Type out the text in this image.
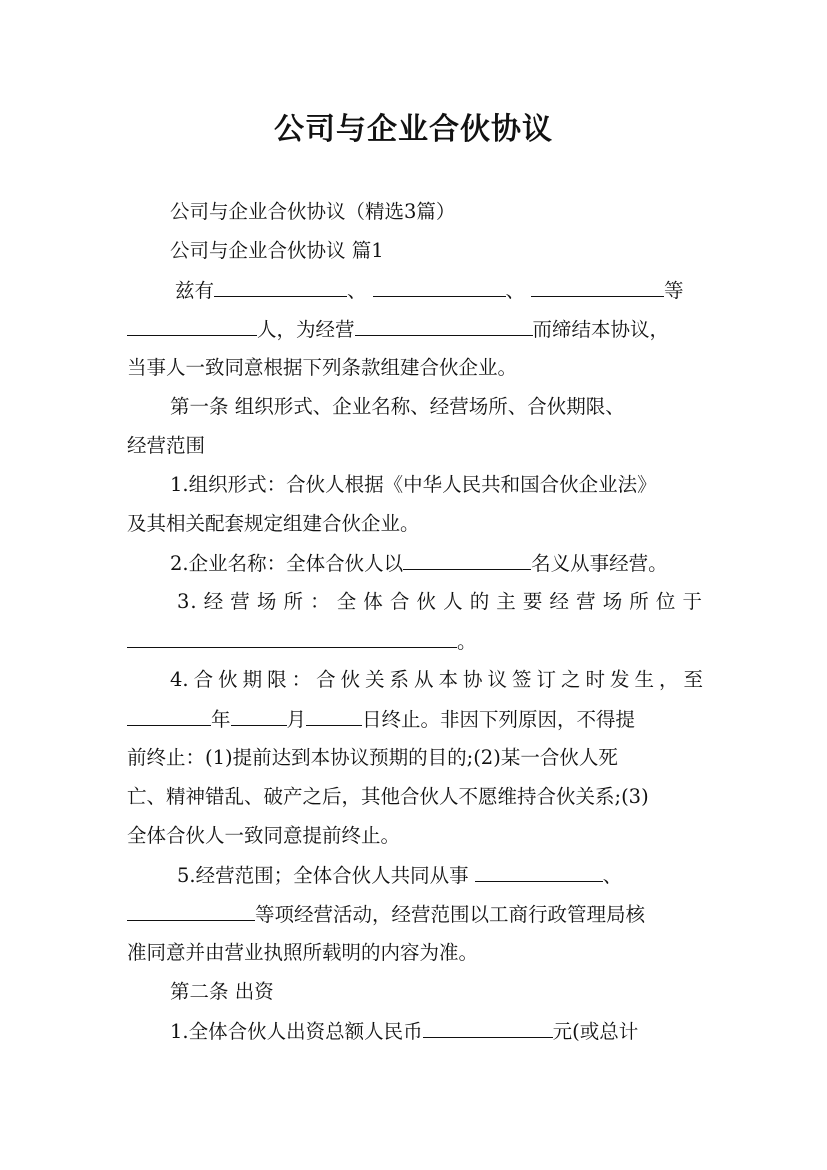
公司与企业合伙协议
公司与企业合伙协议（精选3篇）
公司与企业合伙协议 篇1
兹有	、	、	等
人，为经营	而缔结本协议，
当事人一致同意根据下列条款组建合伙企业。
第一条 组织形式、企业名称、经营场所、合伙期限、
经营范围
1.组织形式：合伙人根据《中华人民共和国合伙企业法》
及其相关配套规定组建合伙企业。
2.企业名称：全体合伙人以	名义从事经营。
3.经营场所：全体合伙人的主要经营场所位于
。
4.合伙期限：合伙关系从本协议签订之时发生，至
年	月	日终止。非因下列原因，不得提
前终止：(1)提前达到本协议预期的目的;(2)某一合伙人死
亡、精神错乱、破产之后，其他合伙人不愿维持合伙关系;(3)
全体合伙人一致同意提前终止。
5.经营范围；全体合伙人共同从事	、
等项经营活动，经营范围以工商行政管理局核
准同意并由营业执照所载明的内容为准。
第二条 出资
1.全体合伙人出资总额人民币	元(或总计
